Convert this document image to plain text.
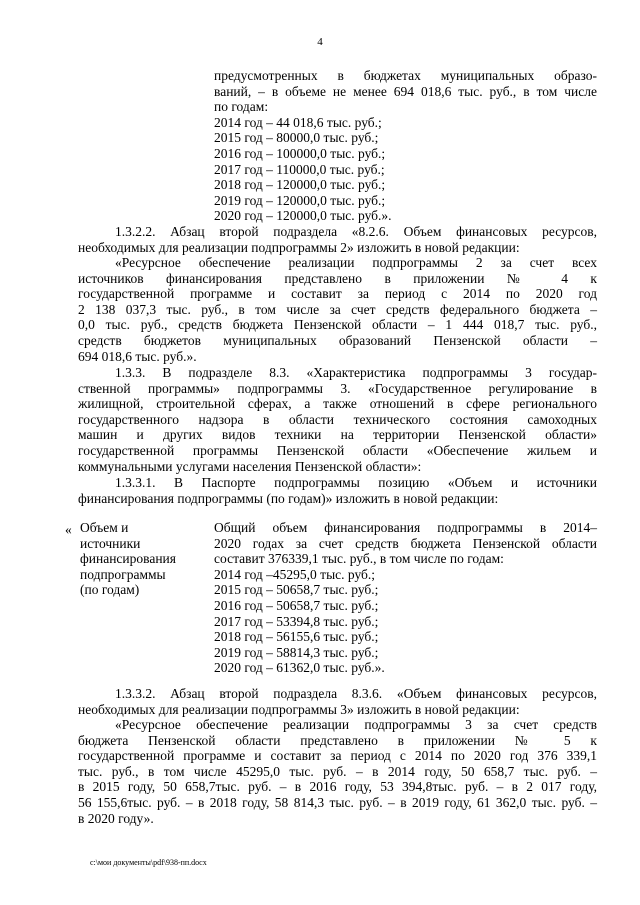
4
предусмотренных в бюджетах муниципальных образо-
ваний, – в объеме не менее 694 018,6 тыс. руб., в том числе
по годам:
2014 год – 44 018,6 тыс. руб.;
2015 год – 80000,0 тыс. руб.;
2016 год – 100000,0 тыс. руб.;
2017 год – 110000,0 тыс. руб.;
2018 год – 120000,0 тыс. руб.;
2019 год – 120000,0 тыс. руб.;
2020 год – 120000,0 тыс. руб.».
1.3.2.2. Абзац второй подраздела «8.2.6. Объем финансовых ресурсов,
необходимых для реализации подпрограммы 2» изложить в новой редакции:
«Ресурсное обеспечение реализации подпрограммы 2 за счет всех
источников финансирования представлено в приложении № 4 к
государственной программе и составит за период с 2014 по 2020 год
2 138 037,3 тыс. руб., в том числе за счет средств федерального бюджета –
0,0 тыс. руб., средств бюджета Пензенской области – 1 444 018,7 тыс. руб.,
средств бюджетов муниципальных образований Пензенской области –
694 018,6 тыс. руб.».
1.3.3. В подразделе 8.3. «Характеристика подпрограммы 3 государ-
ственной программы» подпрограммы 3. «Государственное регулирование в
жилищной, строительной сферах, а также отношений в сфере регионального
государственного надзора в области технического состояния самоходных
машин и других видов техники на территории Пензенской области»
государственной программы Пензенской области «Обеспечение жильем и
коммунальными услугами населения Пензенской области»:
1.3.3.1. В Паспорте подпрограммы позицию «Объем и источники
финансирования подпрограммы (по годам)» изложить в новой редакции:
« Объем и
источники
финансирования
подпрограммы
(по годам)
Общий объем финансирования подпрограммы в 2014–
2020 годах за счет средств бюджета Пензенской области
составит 376339,1 тыс. руб., в том числе по годам:
2014 год –45295,0 тыс. руб.;
2015 год – 50658,7 тыс. руб.;
2016 год – 50658,7 тыс. руб.;
2017 год – 53394,8 тыс. руб.;
2018 год – 56155,6 тыс. руб.;
2019 год – 58814,3 тыс. руб.;
2020 год – 61362,0 тыс. руб.».
1.3.3.2. Абзац второй подраздела 8.3.6. «Объем финансовых ресурсов,
необходимых для реализации подпрограммы 3» изложить в новой редакции:
«Ресурсное обеспечение реализации подпрограммы 3 за счет средств
бюджета Пензенской области представлено в приложении № 5 к
государственной программе и составит за период с 2014 по 2020 год 376 339,1
тыс. руб., в том числе 45295,0 тыс. руб. – в 2014 году, 50 658,7 тыс. руб. –
в 2015 году, 50 658,7тыс. руб. – в 2016 году, 53 394,8тыс. руб. – в 2 017 году,
56 155,6тыс. руб. – в 2018 году, 58 814,3 тыс. руб. – в 2019 году, 61 362,0 тыс. руб. –
в 2020 году».
c:\мои документы\pdf\938-пп.docx
